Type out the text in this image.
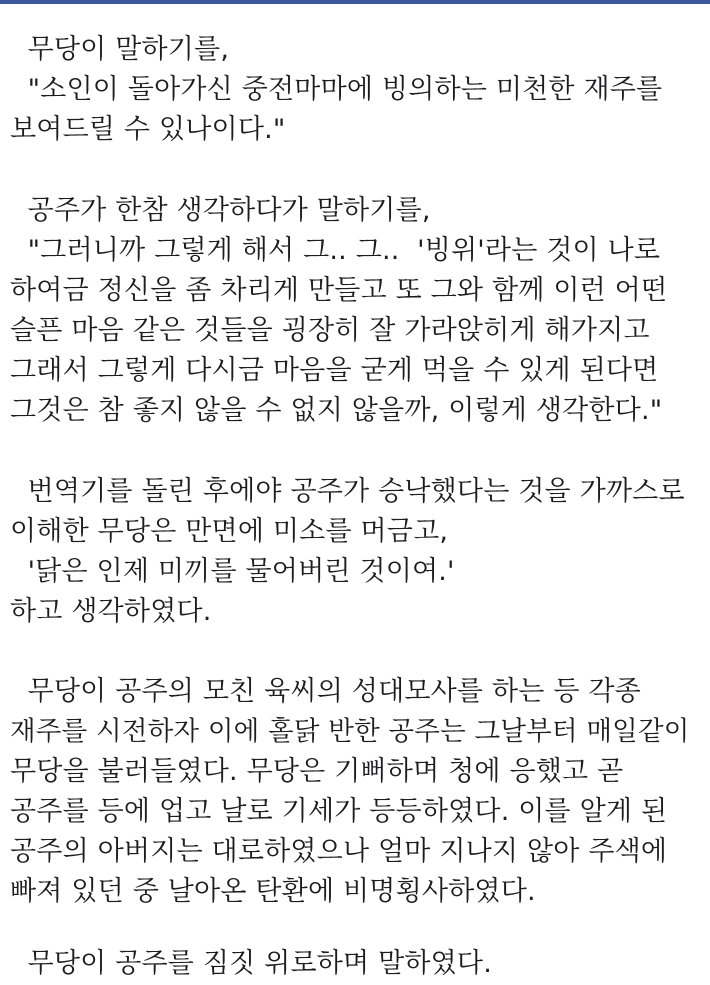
무당이 말하기를,
"소인이 돌아가신 중전마마에 빙의하는 미천한 재주를
보여드릴 수 있나이다."
공주가 한참 생각하다가 말하기를,
"그러니까 그렇게 해서 그.. 그..  '빙위'라는 것이 나로
하여금 정신을 좀 차리게 만들고 또 그와 함께 이런 어떤
슬픈 마음 같은 것들을 굉장히 잘 가라앉히게 해가지고
그래서 그렇게 다시금 마음을 굳게 먹을 수 있게 된다면
그것은 참 좋지 않을 수 없지 않을까, 이렇게 생각한다."
번역기를 돌린 후에야 공주가 승낙했다는 것을 가까스로
이해한 무당은 만면에 미소를 머금고,
'닭은 인제 미끼를 물어버린 것이여.'
하고 생각하였다.
무당이 공주의 모친 육씨의 성대모사를 하는 등 각종
재주를 시전하자 이에 홀닭 반한 공주는 그날부터 매일같이
무당을 불러들였다. 무당은 기뻐하며 청에 응했고 곧
공주를 등에 업고 날로 기세가 등등하였다. 이를 알게 된
공주의 아버지는 대로하였으나 얼마 지나지 않아 주색에
빠져 있던 중 날아온 탄환에 비명횡사하였다.
무당이 공주를 짐짓 위로하며 말하였다.
